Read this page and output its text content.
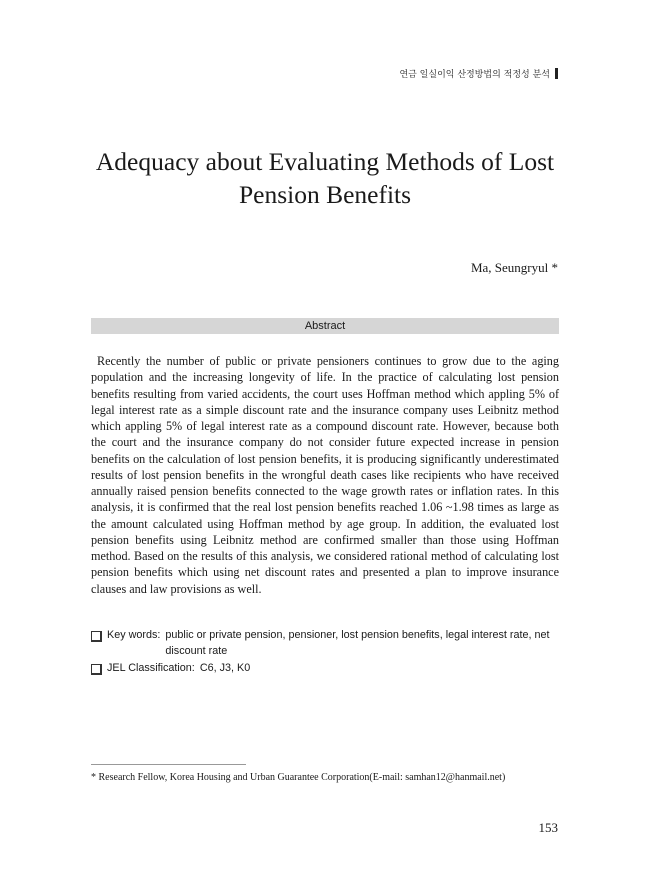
연금 일실이익 산정방법의 적정성 분석
Adequacy about Evaluating Methods of Lost Pension Benefits
Ma, Seungryul *
Abstract

Recently the number of public or private pensioners continues to grow due to the aging population and the increasing longevity of life. In the practice of calculating lost pension benefits resulting from varied accidents, the court uses Hoffman method which appling 5% of legal interest rate as a simple discount rate and the insurance company uses Leibnitz method which appling 5% of legal interest rate as a compound discount rate. However, because both the court and the insurance company do not consider future expected increase in pension benefits on the calculation of lost pension benefits, it is producing significantly underestimated results of lost pension benefits in the wrongful death cases like recipients who have received annually raised pension benefits connected to the wage growth rates or inflation rates. In this analysis, it is confirmed that the real lost pension benefits reached 1.06 ~1.98 times as large as the amount calculated using Hoffman method by age group. In addition, the evaluated lost pension benefits using Leibnitz method are confirmed smaller than those using Hoffman method. Based on the results of this analysis, we considered rational method of calculating lost pension benefits which using net discount rates and presented a plan to improve insurance clauses and law provisions as well.

Key words: public or private pension, pensioner, lost pension benefits, legal interest rate, net discount rate
JEL Classification: C6, J3, K0
* Research Fellow, Korea Housing and Urban Guarantee Corporation(E-mail: samhan12@hanmail.net)
153
